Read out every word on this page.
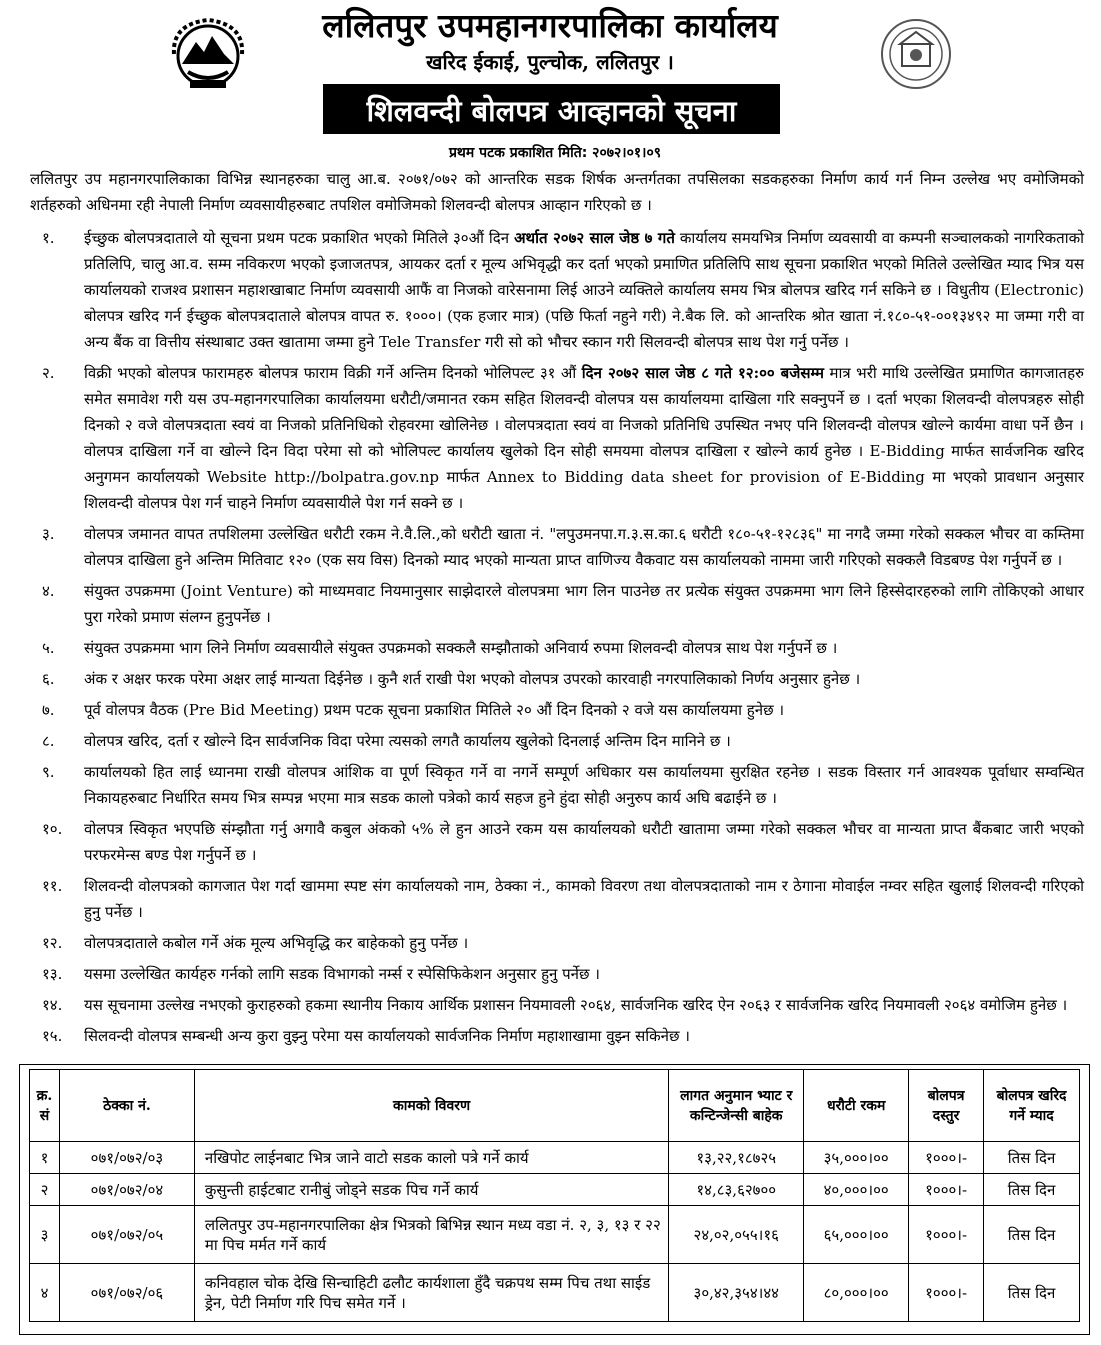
ललितपुर उपमहानगरपालिका कार्यालय
खरिद ईकाई, पुल्चोक, ललितपुर ।
शिलवन्दी बोलपत्र आव्हानको सूचना
प्रथम पटक प्रकाशित मिति: २०७२।०१।०९
ललितपुर उप महानगरपालिकाका विभिन्न स्थानहरुका चालु आ.ब. २०७१/०७२ को आन्तरिक सडक शिर्षक अन्तर्गतका तपसिलका सडकहरुका निर्माण कार्य गर्न निम्न उल्लेख भए वमोजिमको शर्तहरुको अधिनमा रही नेपाली निर्माण व्यवसायीहरुबाट तपशिल वमोजिमको शिलवन्दी बोलपत्र आव्हान गरिएको छ ।
१. ईच्छुक बोलपत्रदाताले यो सूचना प्रथम पटक प्रकाशित भएको मितिले ३०औं दिन अर्थात २०७२ साल जेष्ठ ७ गते कार्यालय समयभित्र निर्माण व्यवसायी वा कम्पनी सञ्चालकको नागरिकताको प्रतिलिपि, चालु आ.व. सम्म नविकरण भएको इजाजतपत्र, आयकर दर्ता र मूल्य अभिवृद्धी कर दर्ता भएको प्रमाणित प्रतिलिपि साथ सूचना प्रकाशित भएको मितिले उल्लेखित म्याद भित्र यस कार्यालयको राजश्व प्रशासन महाशखाबाट निर्माण व्यवसायी आफैं वा निजको वारेसनामा लिई आउने व्यक्तिले कार्यालय समय भित्र बोलपत्र खरिद गर्न सकिने छ । विधुतीय (Electronic) बोलपत्र खरिद गर्न ईच्छुक बोलपत्रदाताले बोलपत्र वापत रु. १०००। (एक हजार मात्र) (पछि फिर्ता नहुने गरी) ने.बैक लि. को आन्तरिक श्रोत खाता नं.१८०-५१-००१३४९२ मा जम्मा गरी वा अन्य बैंक वा वित्तीय संस्थाबाट उक्त खातामा जम्मा हुने Tele Transfer गरी सो को भौचर स्कान गरी सिलवन्दी बोलपत्र साथ पेश गर्नु पर्नेछ ।
२. विक्री भएको बोलपत्र फारामहरु बोलपत्र फाराम विक्री गर्ने अन्तिम दिनको भोलिपल्ट ३१ औं दिन २०७२ साल जेष्ठ ८ गते १२:०० बजेसम्म मात्र भरी माथि उल्लेखित प्रमाणित कागजातहरु समेत समावेश गरी यस उप-महानगरपालिका कार्यालयमा धरौटी/जमानत रकम सहित शिलवन्दी वोलपत्र यस कार्यालयमा दाखिला गरि सक्नुपर्ने छ । दर्ता भएका शिलवन्दी वोलपत्रहरु सोही दिनको २ वजे वोलपत्रदाता स्वयं वा निजको प्रतिनिधिको रोहवरमा खोलिनेछ । वोलपत्रदाता स्वयं वा निजको प्रतिनिधि उपस्थित नभए पनि शिलवन्दी वोलपत्र खोल्ने कार्यमा वाधा पर्ने छैन । वोलपत्र दाखिला गर्ने वा खोल्ने दिन विदा परेमा सो को भोलिपल्ट कार्यालय खुलेको दिन सोही समयमा वोलपत्र दाखिला र खोल्ने कार्य हुनेछ । E-Bidding मार्फत सार्वजनिक खरिद अनुगमन कार्यालयको Website http://bolpatra.gov.np मार्फत Annex to Bidding data sheet for provision of E-Bidding मा भएको प्रावधान अनुसार शिलवन्दी वोलपत्र पेश गर्न चाहने निर्माण व्यवसायीले पेश गर्न सक्ने छ ।
३. वोलपत्र जमानत वापत तपशिलमा उल्लेखित धरौटी रकम ने.वै.लि.,को धरौटी खाता नं. "लपुउमनपा.ग.३.स.का.६ धरौटी १८०-५१-१२८३६" मा नगदै जम्मा गरेको सक्कल भौचर वा कम्तिमा वोलपत्र दाखिला हुने अन्तिम मितिवाट १२० (एक सय विस) दिनको म्याद भएको मान्यता प्राप्त वाणिज्य वैकवाट यस कार्यालयको नाममा जारी गरिएको सक्कलै विडबण्ड पेश गर्नुपर्ने छ ।
४. संयुक्त उपक्रममा (Joint Venture) को माध्यमवाट नियमानुसार साझेदारले वोलपत्रमा भाग लिन पाउनेछ तर प्रत्येक संयुक्त उपक्रममा भाग लिने हिस्सेदारहरुको लागि तोकिएको आधार पुरा गरेको प्रमाण संलग्न हुनुपर्नेछ ।
५. संयुक्त उपक्रममा भाग लिने निर्माण व्यवसायीले संयुक्त उपक्रमको सक्कलै सम्झौताको अनिवार्य रुपमा शिलवन्दी वोलपत्र साथ पेश गर्नुपर्ने छ ।
६. अंक र अक्षर फरक परेमा अक्षर लाई मान्यता दिईनेछ । कुनै शर्त राखी पेश भएको वोलपत्र उपरको कारवाही नगरपालिकाको निर्णय अनुसार हुनेछ ।
७. पूर्व वोलपत्र वैठक (Pre Bid Meeting) प्रथम पटक सूचना प्रकाशित मितिले २० औं दिन दिनको २ वजे यस कार्यालयमा हुनेछ ।
८. वोलपत्र खरिद, दर्ता र खोल्ने दिन सार्वजनिक विदा परेमा त्यसको लगतै कार्यालय खुलेको दिनलाई अन्तिम दिन मानिने छ ।
९. कार्यालयको हित लाई ध्यानमा राखी वोलपत्र आंशिक वा पूर्ण स्विकृत गर्ने वा नगर्ने सम्पूर्ण अधिकार यस कार्यालयमा सुरक्षित रहनेछ । सडक विस्तार गर्न आवश्यक पूर्वाधार सम्वन्धित निकायहरुबाट निर्धारित समय भित्र सम्पन्न भएमा मात्र सडक कालो पत्रेको कार्य सहज हुने हुंदा सोही अनुरुप कार्य अघि बढाईने छ ।
१०. वोलपत्र स्विकृत भएपछि संम्झौता गर्नु अगावै कबुल अंकको ५% ले हुन आउने रकम यस कार्यालयको धरौटी खातामा जम्मा गरेको सक्कल भौचर वा मान्यता प्राप्त बैंकबाट जारी भएको परफरमेन्स बण्ड पेश गर्नुपर्ने छ ।
११. शिलवन्दी वोलपत्रको कागजात पेश गर्दा खाममा स्पष्ट संग कार्यालयको नाम, ठेक्का नं., कामको विवरण तथा वोलपत्रदाताको नाम र ठेगाना मोवाईल नम्वर सहित खुलाई शिलवन्दी गरिएको हुनु पर्नेछ ।
१२. वोलपत्रदाताले कबोल गर्ने अंक मूल्य अभिवृद्धि कर बाहेकको हुनु पर्नेछ ।
१३. यसमा उल्लेखित कार्यहरु गर्नको लागि सडक विभागको नर्म्स र स्पेसिफिकेशन अनुसार हुनु पर्नेछ ।
१४. यस सूचनामा उल्लेख नभएको कुराहरुको हकमा स्थानीय निकाय आर्थिक प्रशासन नियमावली २०६४, सार्वजनिक खरिद ऐन २०६३ र सार्वजनिक खरिद नियमावली २०६४ वमोजिम हुनेछ ।
१५. सिलवन्दी वोलपत्र सम्बन्धी अन्य कुरा वुझ्नु परेमा यस कार्यालयको सार्वजनिक निर्माण महाशाखामा वुझ्न सकिनेछ ।
क्र. सं	ठेक्का नं.	कामको विवरण	लागत अनुमान भ्याट र कन्टिन्जेन्सी बाहेक	धरौटी रकम	बोलपत्र दस्तुर	बोलपत्र खरिद गर्ने म्याद
१	०७१/०७२/०३	नखिपोट लाईनबाट भित्र जाने वाटो सडक कालो पत्रे गर्ने कार्य	१३,२२,१८७२५	३५,०००।००	१०००।-	तिस दिन
२	०७१/०७२/०४	कुसुन्ती हाईटबाट रानीबुं जोड्ने सडक पिच गर्ने कार्य	१४,८३,६२७००	४०,०००।००	१०००।-	तिस दिन
३	०७१/०७२/०५	ललितपुर उप-महानगरपालिका क्षेत्र भित्रको बिभिन्न स्थान मध्य वडा नं. २, ३, १३ र २२ मा पिच मर्मत गर्ने कार्य	२४,०२,०५५।१६	६५,०००।००	१०००।-	तिस दिन
४	०७१/०७२/०६	कनिवहाल चोक देखि सिन्चाहिटी ढलौट कार्यशाला हुँदै चक्रपथ सम्म पिच तथा साईड ड्रेन, पेटी निर्माण गरि पिच समेत गर्ने ।	३०,४२,३५४।४४	८०,०००।००	१०००।-	तिस दिन
